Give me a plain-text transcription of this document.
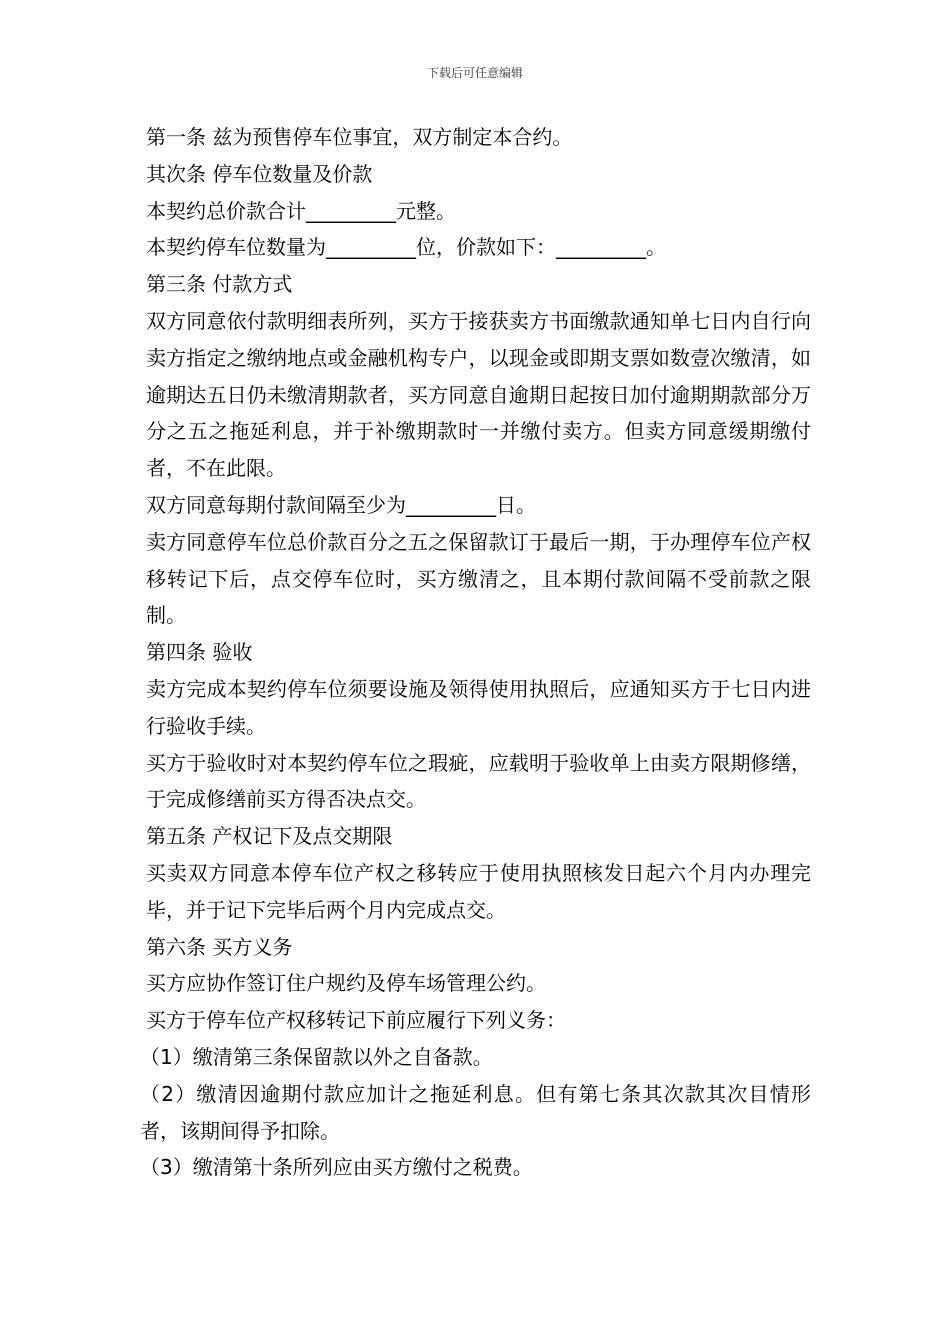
下载后可任意编辑

第一条 兹为预售停车位事宜，双方制定本合约。

其次条 停车位数量及价款

本契约总价款合计_________元整。

本契约停车位数量为_________位，价款如下：_________。

第三条 付款方式

双方同意依付款明细表所列，买方于接获卖方书面缴款通知单七日内自行向卖方指定之缴纳地点或金融机构专户，以现金或即期支票如数壹次缴清，如逾期达五日仍未缴清期款者，买方同意自逾期日起按日加付逾期期款部分万分之五之拖延利息，并于补缴期款时一并缴付卖方。但卖方同意缓期缴付者，不在此限。

双方同意每期付款间隔至少为_________日。

卖方同意停车位总价款百分之五之保留款订于最后一期，于办理停车位产权移转记下后，点交停车位时，买方缴清之，且本期付款间隔不受前款之限制。

第四条 验收

卖方完成本契约停车位须要设施及领得使用执照后，应通知买方于七日内进行验收手续。

买方于验收时对本契约停车位之瑕疵，应载明于验收单上由卖方限期修缮，于完成修缮前买方得否决点交。

第五条 产权记下及点交期限

买卖双方同意本停车位产权之移转应于使用执照核发日起六个月内办理完毕，并于记下完毕后两个月内完成点交。

第六条 买方义务

买方应协作签订住户规约及停车场管理公约。

买方于停车位产权移转记下前应履行下列义务：

（1）缴清第三条保留款以外之自备款。

（2）缴清因逾期付款应加计之拖延利息。但有第七条其次款其次目情形者，该期间得予扣除。

（3）缴清第十条所列应由买方缴付之税费。
